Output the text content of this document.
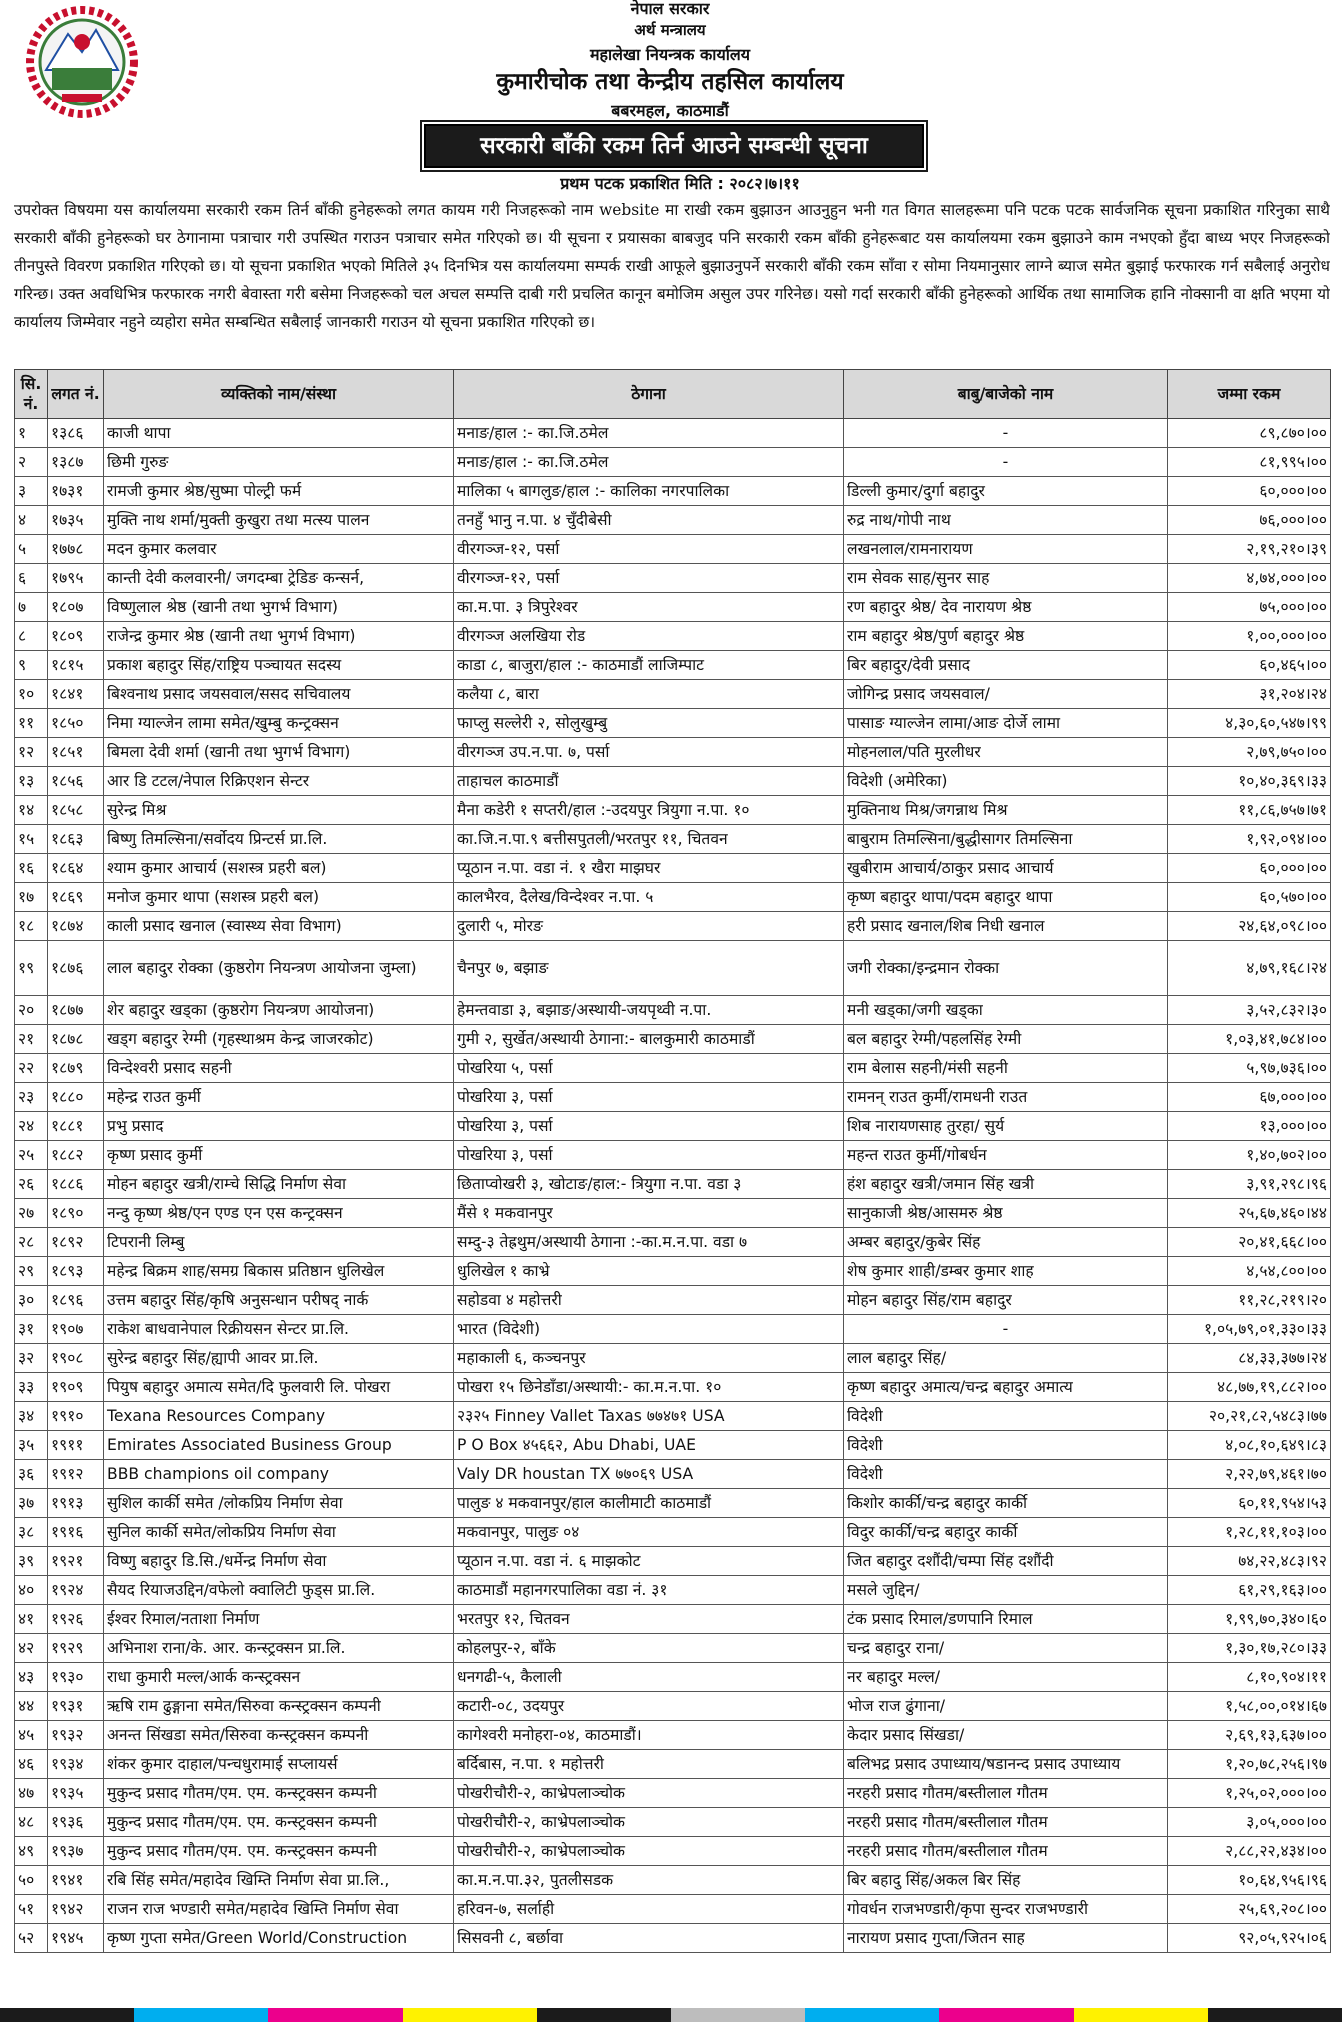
नेपाल सरकार
अर्थ मन्त्रालय
महालेखा नियन्त्रक कार्यालय
कुमारीचोक तथा केन्द्रीय तहसिल कार्यालय
बबरमहल, काठमाडौं
सरकारी बाँकी रकम तिर्न आउने सम्बन्धी सूचना
प्रथम पटक प्रकाशित मिति : २०८२।७।११
उपरोक्त विषयमा यस कार्यालयमा सरकारी रकम तिर्न बाँकी हुनेहरूको लगत कायम गरी निजहरूको नाम website मा राखी रकम बुझाउन आउनुहुन भनी गत विगत सालहरूमा पनि पटक पटक सार्वजनिक सूचना प्रकाशित गरिनुका साथै सरकारी बाँकी हुनेहरूको घर ठेगानामा पत्राचार गरी उपस्थित गराउन पत्राचार समेत गरिएको छ। यी सूचना र प्रयासका बाबजुद पनि सरकारी रकम बाँकी हुनेहरूबाट यस कार्यालयमा रकम बुझाउने काम नभएको हुँदा बाध्य भएर निजहरूको तीनपुस्ते विवरण प्रकाशित गरिएको छ। यो सूचना प्रकाशित भएको मितिले ३५ दिनभित्र यस कार्यालयमा सम्पर्क राखी आफूले बुझाउनुपर्ने सरकारी बाँकी रकम साँवा र सोमा नियमानुसार लाग्ने ब्याज समेत बुझाई फरफारक गर्न सबैलाई अनुरोध गरिन्छ। उक्त अवधिभित्र फरफारक नगरी बेवास्ता गरी बसेमा निजहरूको चल अचल सम्पत्ति दाबी गरी प्रचलित कानून बमोजिम असुल उपर गरिनेछ। यसो गर्दा सरकारी बाँकी हुनेहरूको आर्थिक तथा सामाजिक हानि नोक्सानी वा क्षति भएमा यो कार्यालय जिम्मेवार नहुने व्यहोरा समेत सम्बन्धित सबैलाई जानकारी गराउन यो सूचना प्रकाशित गरिएको छ।
सि. नं.	लगत नं.	व्यक्तिको नाम/संस्था	ठेगाना	बाबु/बाजेको नाम	जम्मा रकम
१	१३८६	काजी थापा	मनाङ/हाल :- का.जि.ठमेल	-	८९,८७०।००
२	१३८७	छिमी गुरुङ	मनाङ/हाल :- का.जि.ठमेल	-	८१,९९५।००
३	१७३१	रामजी कुमार श्रेष्ठ/सुष्मा पोल्ट्री फर्म	मालिका ५ बागलुङ/हाल :- कालिका नगरपालिका	डिल्ली कुमार/दुर्गा बहादुर	६०,०००।००
४	१७३५	मुक्ति नाथ शर्मा/मुक्ती कुखुरा तथा मत्स्य पालन	तनहुँ भानु न.पा. ४ चुँदीबेसी	रुद्र नाथ/गोपी नाथ	७६,०००।००
५	१७७८	मदन कुमार कलवार	वीरगञ्ज-१२, पर्सा	लखनलाल/रामनारायण	२,१९,२१०।३९
६	१७९५	कान्ती देवी कलवारनी/ जगदम्बा ट्रेडिङ कन्सर्न,	वीरगञ्ज-१२, पर्सा	राम सेवक साह/सुनर साह	४,७४,०००।००
७	१८०७	विष्णुलाल श्रेष्ठ (खानी तथा भुगर्भ विभाग)	का.म.पा. ३ त्रिपुरेश्वर	रण बहादुर श्रेष्ठ/ देव नारायण श्रेष्ठ	७५,०००।००
८	१८०९	राजेन्द्र कुमार श्रेष्ठ (खानी तथा भुगर्भ विभाग)	वीरगञ्ज अलखिया रोड	राम बहादुर श्रेष्ठ/पुर्ण बहादुर श्रेष्ठ	१,००,०००।००
९	१८१५	प्रकाश बहादुर सिंह/राष्ट्रिय पञ्चायत सदस्य	काडा ८, बाजुरा/हाल :- काठमाडौं लाजिम्पाट	बिर बहादुर/देवी प्रसाद	६०,४६५।००
१०	१८४१	बिश्वनाथ प्रसाद जयसवाल/ससद सचिवालय	कलैया ८, बारा	जोगिन्द्र प्रसाद जयसवाल/	३१,२०४।२४
११	१८५०	निमा ग्याल्जेन लामा समेत/खुम्बु कन्ट्रक्सन	फाप्लु सल्लेरी २, सोलुखुम्बु	पासाङ ग्याल्जेन लामा/आङ दोर्जे लामा	४,३०,६०,५४७।९९
१२	१८५१	बिमला देवी शर्मा (खानी तथा भुगर्भ विभाग)	वीरगञ्ज उप.न.पा. ७, पर्सा	मोहनलाल/पति मुरलीधर	२,७९,७५०।००
१३	१८५६	आर डि टटल/नेपाल रिक्रिएशन सेन्टर	ताहाचल काठमाडौं	विदेशी (अमेरिका)	१०,४०,३६९।३३
१४	१८५८	सुरेन्द्र मिश्र	मैना कडेरी १ सप्तरी/हाल :-उदयपुर त्रियुगा न.पा. १०	मुक्तिनाथ मिश्र/जगन्नाथ मिश्र	११,८६,७५७।७१
१५	१८६३	बिष्णु तिमल्सिना/सर्वोदय प्रिन्टर्स प्रा.लि.	का.जि.न.पा.९ बत्तीसपुतली/भरतपुर ११, चितवन	बाबुराम तिमल्सिना/बुद्धीसागर तिमल्सिना	१,९२,०९४।००
१६	१८६४	श्याम कुमार आचार्य (सशस्त्र प्रहरी बल)	प्यूठान न.पा. वडा नं. १ खैरा माझघर	खुबीराम आचार्य/ठाकुर प्रसाद आचार्य	६०,०००।००
१७	१८६९	मनोज कुमार थापा (सशस्त्र प्रहरी बल)	कालभैरव, दैलेख/विन्देश्वर न.पा. ५	कृष्ण बहादुर थापा/पदम बहादुर थापा	६०,५७०।००
१८	१८७४	काली प्रसाद खनाल (स्वास्थ्य सेवा विभाग)	दुलारी ५, मोरङ	हरी प्रसाद खनाल/शिब निधी खनाल	२४,६४,०९८।००
१९	१८७६	लाल बहादुर रोक्का (कुष्ठरोग नियन्त्रण आयोजना जुम्ला)	चैनपुर ७, बझाङ	जगी रोक्का/इन्द्रमान रोक्का	४,७९,१६८।२४
२०	१८७७	शेर बहादुर खड्का (कुष्ठरोग नियन्त्रण आयोजना)	हेमन्तवाडा ३, बझाङ/अस्थायी-जयपृथ्वी न.पा.	मनी खड्का/जगी खड्का	३,५२,८३२।३०
२१	१८७८	खड्ग बहादुर रेग्मी (गृहस्थाश्रम केन्द्र जाजरकोट)	गुमी २, सुर्खेत/अस्थायी ठेगाना:- बालकुमारी काठमाडौं	बल बहादुर रेग्मी/पहलसिंह रेग्मी	१,०३,४१,७८४।००
२२	१८७९	विन्देश्वरी प्रसाद सहनी	पोखरिया ५, पर्सा	राम बेलास सहनी/मंसी सहनी	५,९७,७३६।००
२३	१८८०	महेन्द्र राउत कुर्मी	पोखरिया ३, पर्सा	रामनन् राउत कुर्मी/रामधनी राउत	६७,०००।००
२४	१८८१	प्रभु प्रसाद	पोखरिया ३, पर्सा	शिब नारायणसाह तुरहा/ सुर्य	१३,०००।००
२५	१८८२	कृष्ण प्रसाद कुर्मी	पोखरिया ३, पर्सा	महन्त राउत कुर्मी/गोबर्धन	१,४०,७०२।००
२६	१८८६	मोहन बहादुर खत्री/राम्चे सिद्धि निर्माण सेवा	छिताप्वोखरी ३, खोटाङ/हाल:- त्रियुगा न.पा. वडा ३	हंश बहादुर खत्री/जमान सिंह खत्री	३,९१,२९८।९६
२७	१८९०	नन्दु कृष्ण श्रेष्ठ/एन एण्ड एन एस कन्ट्रक्सन	मैंसे १ मकवानपुर	सानुकाजी श्रेष्ठ/आसमरु श्रेष्ठ	२५,६७,४६०।४४
२८	१८९२	टिपरानी लिम्बु	सम्दु-३ तेह्रथुम/अस्थायी ठेगाना :-का.म.न.पा. वडा ७	अम्बर बहादुर/कुबेर सिंह	२०,४१,६६८।००
२९	१८९३	महेन्द्र बिक्रम शाह/समग्र बिकास प्रतिष्ठान धुलिखेल	धुलिखेल १ काभ्रे	शेष कुमार शाही/डम्बर कुमार शाह	४,५४,८००।००
३०	१८९६	उत्तम बहादुर सिंह/कृषि अनुसन्धान परीषद् नार्क	सहोडवा ४ महोत्तरी	मोहन बहादुर सिंह/राम बहादुर	११,२८,२१९।२०
३१	१९०७	राकेश बाधवानेपाल रिक्रीयसन सेन्टर प्रा.लि.	भारत (विदेशी)	-	१,०५,७९,०१,३३०।३३
३२	१९०८	सुरेन्द्र बहादुर सिंह/ह्यापी आवर प्रा.लि.	महाकाली ६, कञ्चनपुर	लाल बहादुर सिंह/	८४,३३,३७७।२४
३३	१९०९	पियुष बहादुर अमात्य समेत/दि फुलवारी लि. पोखरा	पोखरा १५ छिनेडाँडा/अस्थायी:- का.म.न.पा. १०	कृष्ण बहादुर अमात्य/चन्द्र बहादुर अमात्य	४८,७७,१९,८८२।००
३४	१९१०	Texana Resources Company	२३२५ Finney Vallet Taxas ७७४७१ USA	विदेशी	२०,२१,८२,५४८३।७७
३५	१९११	Emirates Associated Business Group	P O Box ४५६६२, Abu Dhabi, UAE	विदेशी	४,०८,१०,६४९।८३
३६	१९१२	BBB champions oil company	Valy DR houstan TX ७७०६९ USA	विदेशी	२,२२,७९,४६१।७०
३७	१९१३	सुशिल कार्की समेत /लोकप्रिय निर्माण सेवा	पालुङ ४ मकवानपुर/हाल कालीमाटी काठमाडौं	किशोर कार्की/चन्द्र बहादुर कार्की	६०,११,९५४।५३
३८	१९१६	सुनिल कार्की समेत/लोकप्रिय निर्माण सेवा	मकवानपुर, पालुङ ०४	विदुर कार्की/चन्द्र बहादुर कार्की	१,२८,११,१०३।००
३९	१९२१	विष्णु बहादुर डि.सि./धर्मेन्द्र निर्माण सेवा	प्यूठान न.पा. वडा नं. ६ माझकोट	जित बहादुर दशौंदी/चम्पा सिंह दशौंदी	७४,२२,४८३।९२
४०	१९२४	सैयद रियाजउद्दिन/वफेलो क्वालिटी फुड्स प्रा.लि.	काठमाडौं महानगरपालिका वडा नं. ३१	मसले जुद्दिन/	६१,२९,१६३।००
४१	१९२६	ईश्वर रिमाल/नताशा निर्माण	भरतपुर १२, चितवन	टंक प्रसाद रिमाल/डणपानि रिमाल	१,९९,७०,३४०।६०
४२	१९२९	अभिनाश राना/के. आर. कन्स्ट्रक्सन प्रा.लि.	कोहलपुर-२, बाँके	चन्द्र बहादुर राना/	१,३०,१७,२८०।३३
४३	१९३०	राधा कुमारी मल्ल/आर्क कन्स्ट्रक्सन	धनगढी-५, कैलाली	नर बहादुर मल्ल/	८,१०,९०४।११
४४	१९३१	ऋषि राम ढुङ्गाना समेत/सिरुवा कन्स्ट्रक्सन कम्पनी	कटारी-०८, उदयपुर	भोज राज ढुंगाना/	१,५८,००,०१४।६७
४५	१९३२	अनन्त सिंखडा समेत/सिरुवा कन्स्ट्रक्सन कम्पनी	कागेश्वरी मनोहरा-०४, काठमाडौं।	केदार प्रसाद सिंखडा/	२,६९,१३,६३७।००
४६	१९३४	शंकर कुमार दाहाल/पन्चधुरामाई सप्लायर्स	बर्दिबास, न.पा. १ महोत्तरी	बलिभद्र प्रसाद उपाध्याय/षडानन्द प्रसाद उपाध्याय	१,२०,७८,२५६।९७
४७	१९३५	मुकुन्द प्रसाद गौतम/एम. एम. कन्स्ट्रक्सन कम्पनी	पोखरीचौरी-२, काभ्रेपलाञ्चोक	नरहरी प्रसाद गौतम/बस्तीलाल गौतम	१,२५,०२,०००।००
४८	१९३६	मुकुन्द प्रसाद गौतम/एम. एम. कन्स्ट्रक्सन कम्पनी	पोखरीचौरी-२, काभ्रेपलाञ्चोक	नरहरी प्रसाद गौतम/बस्तीलाल गौतम	३,०५,०००।००
४९	१९३७	मुकुन्द प्रसाद गौतम/एम. एम. कन्स्ट्रक्सन कम्पनी	पोखरीचौरी-२, काभ्रेपलाञ्चोक	नरहरी प्रसाद गौतम/बस्तीलाल गौतम	२,८८,२२,४३४।००
५०	१९४१	रबि सिंह समेत/महादेव खिम्ति निर्माण सेवा प्रा.लि.,	का.म.न.पा.३२, पुतलीसडक	बिर बहादु सिंह/अकल बिर सिंह	१०,६४,९५६।९६
५१	१९४२	राजन राज भण्डारी समेत/महादेव खिम्ति निर्माण सेवा	हरिवन-७, सर्लाही	गोवर्धन राजभण्डारी/कृपा सुन्दर राजभण्डारी	२५,६९,२०८।००
५२	१९४५	कृष्ण गुप्ता समेत/Green World/Construction	सिसवनी ८, बर्छावा	नारायण प्रसाद गुप्ता/जितन साह	९२,०५,९२५।०६
